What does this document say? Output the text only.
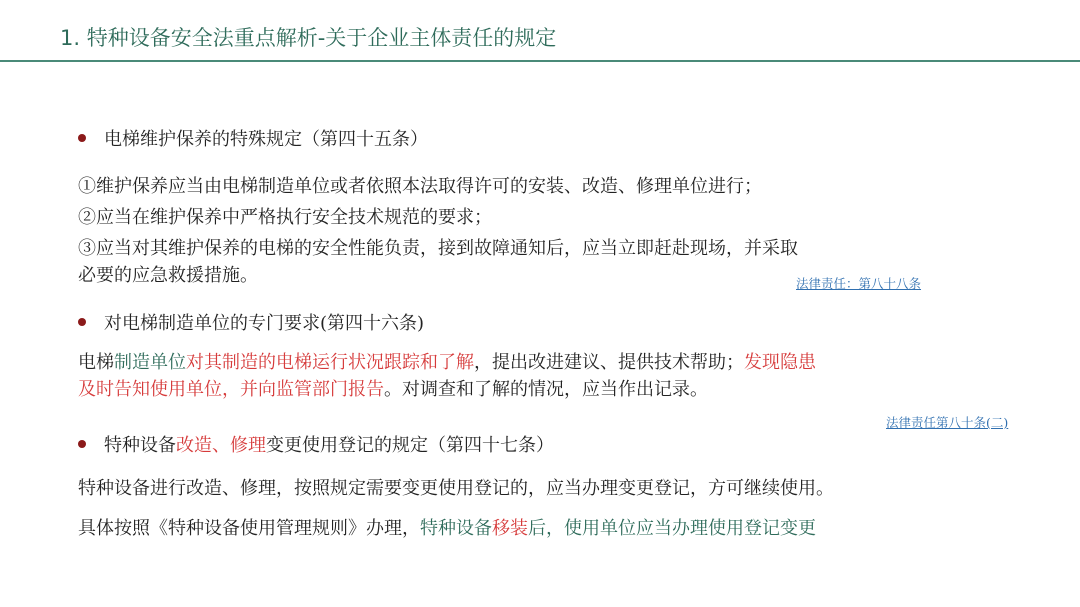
1. 特种设备安全法重点解析-关于企业主体责任的规定
电梯维护保养的特殊规定（第四十五条）
①维护保养应当由电梯制造单位或者依照本法取得许可的安装、改造、修理单位进行；
②应当在维护保养中严格执行安全技术规范的要求；
③应当对其维护保养的电梯的安全性能负责，接到故障通知后，应当立即赶赴现场，并采取
必要的应急救援措施。	法律责任：第八十八条
对电梯制造单位的专门要求(第四十六条)
电梯制造单位对其制造的电梯运行状况跟踪和了解，提出改进建议、提供技术帮助；发现隐患
及时告知使用单位，并向监管部门报告。对调查和了解的情况，应当作出记录。
法律责任第八十条(二)
特种设备改造、修理变更使用登记的规定（第四十七条）
特种设备进行改造、修理，按照规定需要变更使用登记的，应当办理变更登记，方可继续使用。
具体按照《特种设备使用管理规则》办理，特种设备移装后，使用单位应当办理使用登记变更
